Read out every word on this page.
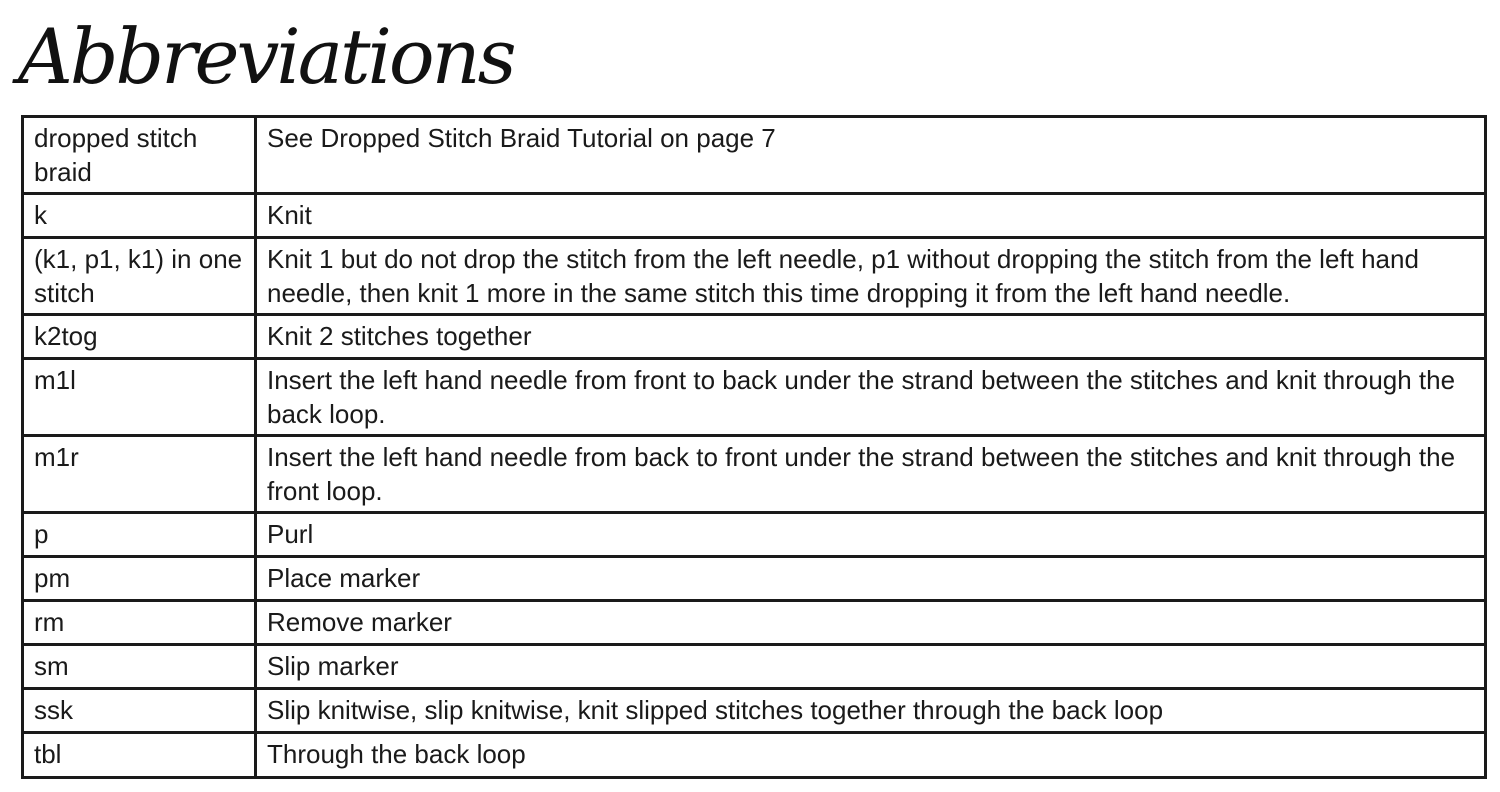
Abbreviations
dropped stitch braid	See Dropped Stitch Braid Tutorial on page 7
k	Knit
(k1, p1, k1) in one stitch	Knit 1 but do not drop the stitch from the left needle, p1 without dropping the stitch from the left hand needle, then knit 1 more in the same stitch this time dropping it from the left hand needle.
k2tog	Knit 2 stitches together
m1l	Insert the left hand needle from front to back under the strand between the stitches and knit through the back loop.
m1r	Insert the left hand needle from back to front under the strand between the stitches and knit through the front loop.
p	Purl
pm	Place marker
rm	Remove marker
sm	Slip marker
ssk	Slip knitwise, slip knitwise, knit slipped stitches together through the back loop
tbl	Through the back loop
